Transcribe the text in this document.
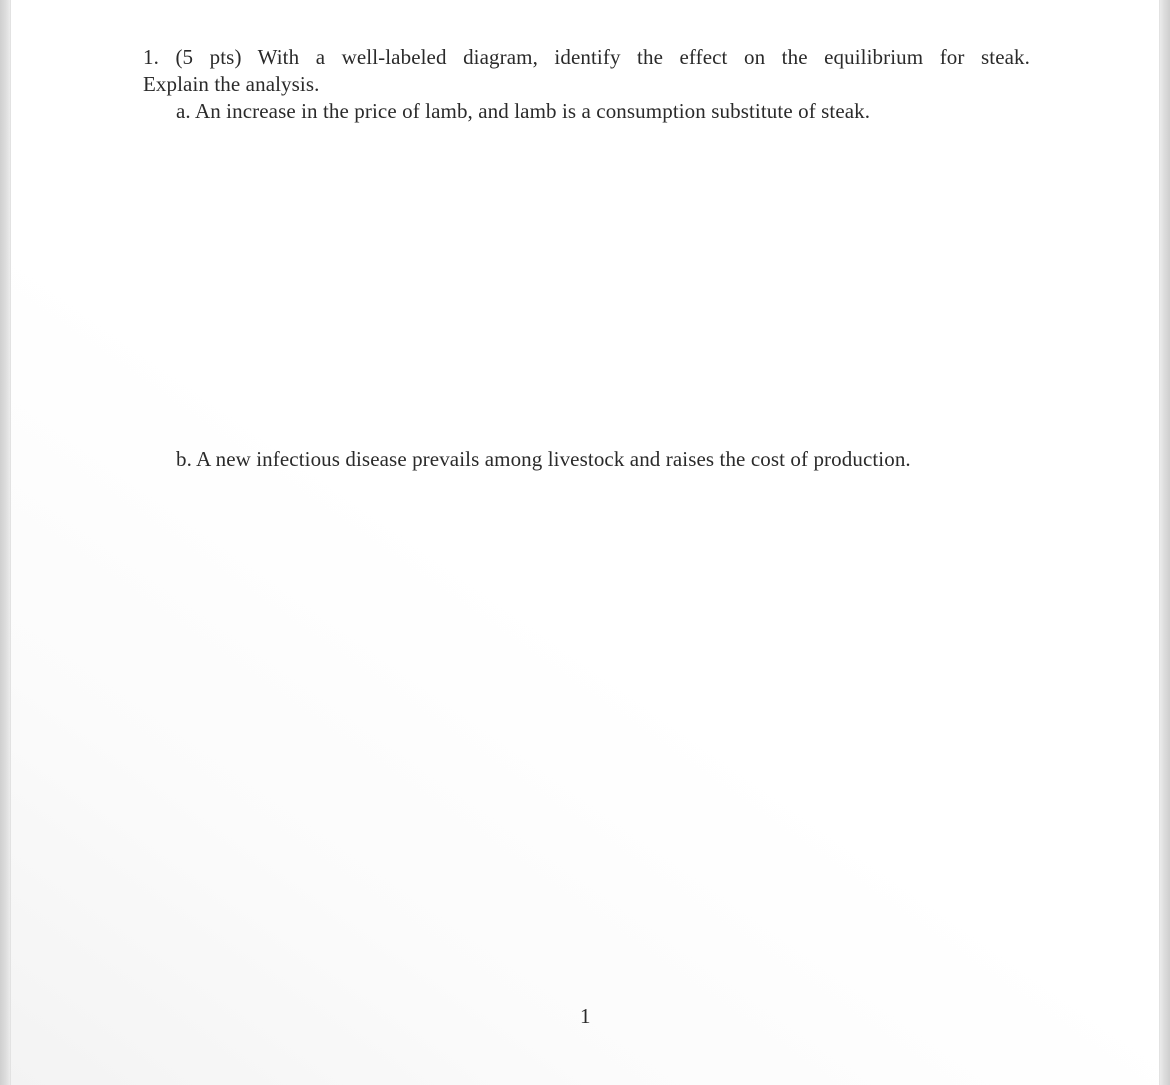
1. (5 pts) With a well-labeled diagram, identify the effect on the equilibrium for steak.
Explain the analysis.
a. An increase in the price of lamb, and lamb is a consumption substitute of steak.
b. A new infectious disease prevails among livestock and raises the cost of production.
1
